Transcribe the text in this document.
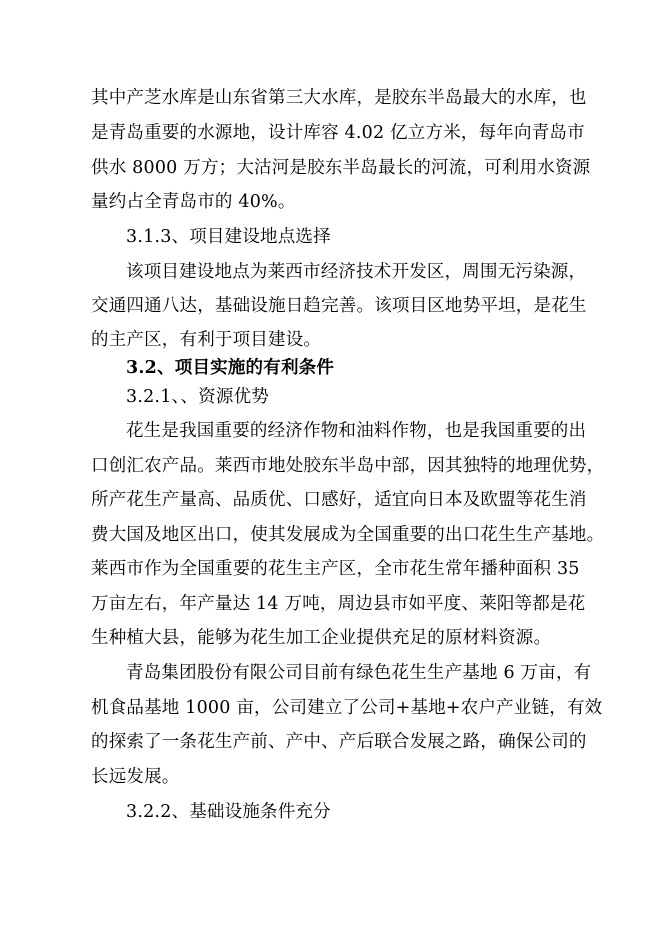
其中产芝水库是山东省第三大水库，是胶东半岛最大的水库，也
是青岛重要的水源地，设计库容 4.02 亿立方米，每年向青岛市
供水 8000 万方；大沽河是胶东半岛最长的河流，可利用水资源
量约占全青岛市的 40%。
3.1.3、项目建设地点选择
该项目建设地点为莱西市经济技术开发区，周围无污染源，
交通四通八达，基础设施日趋完善。该项目区地势平坦，是花生
的主产区，有利于项目建设。
3.2、项目实施的有利条件
3.2.1、、资源优势
花生是我国重要的经济作物和油料作物，也是我国重要的出
口创汇农产品。莱西市地处胶东半岛中部，因其独特的地理优势，
所产花生产量高、品质优、口感好，适宜向日本及欧盟等花生消
费大国及地区出口，使其发展成为全国重要的出口花生生产基地。
莱西市作为全国重要的花生主产区，全市花生常年播种面积 35
万亩左右，年产量达 14 万吨，周边县市如平度、莱阳等都是花
生种植大县，能够为花生加工企业提供充足的原材料资源。
青岛集团股份有限公司目前有绿色花生生产基地 6 万亩，有
机食品基地 1000 亩，公司建立了公司+基地+农户产业链，有效
的探索了一条花生产前、产中、产后联合发展之路，确保公司的
长远发展。
3.2.2、基础设施条件充分
